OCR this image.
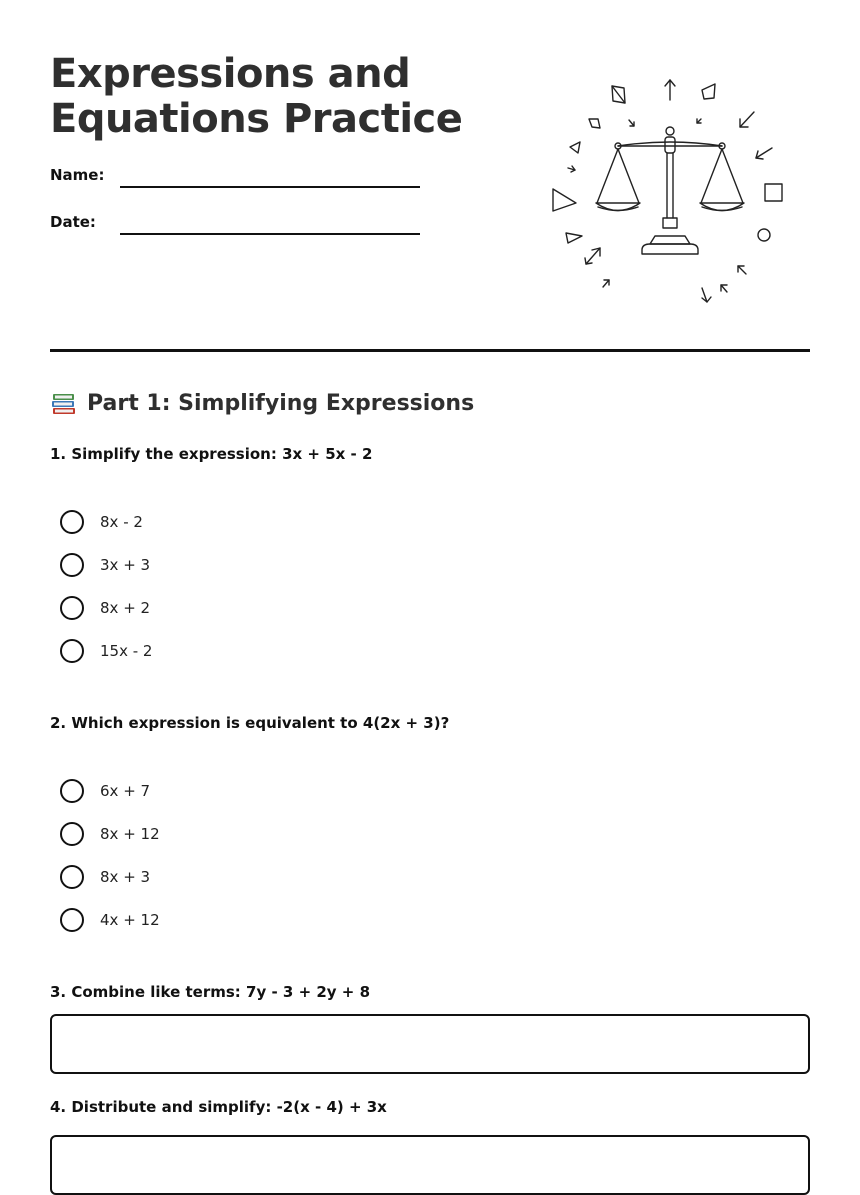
Expressions and
Equations Practice
Name:
Date:
Part 1: Simplifying Expressions

1. Simplify the expression: 3x + 5x - 2

8x - 2
3x + 3
8x + 2
15x - 2

2. Which expression is equivalent to 4(2x + 3)?

6x + 7
8x + 12
8x + 3
4x + 12

3. Combine like terms: 7y - 3 + 2y + 8

4. Distribute and simplify: -2(x - 4) + 3x
